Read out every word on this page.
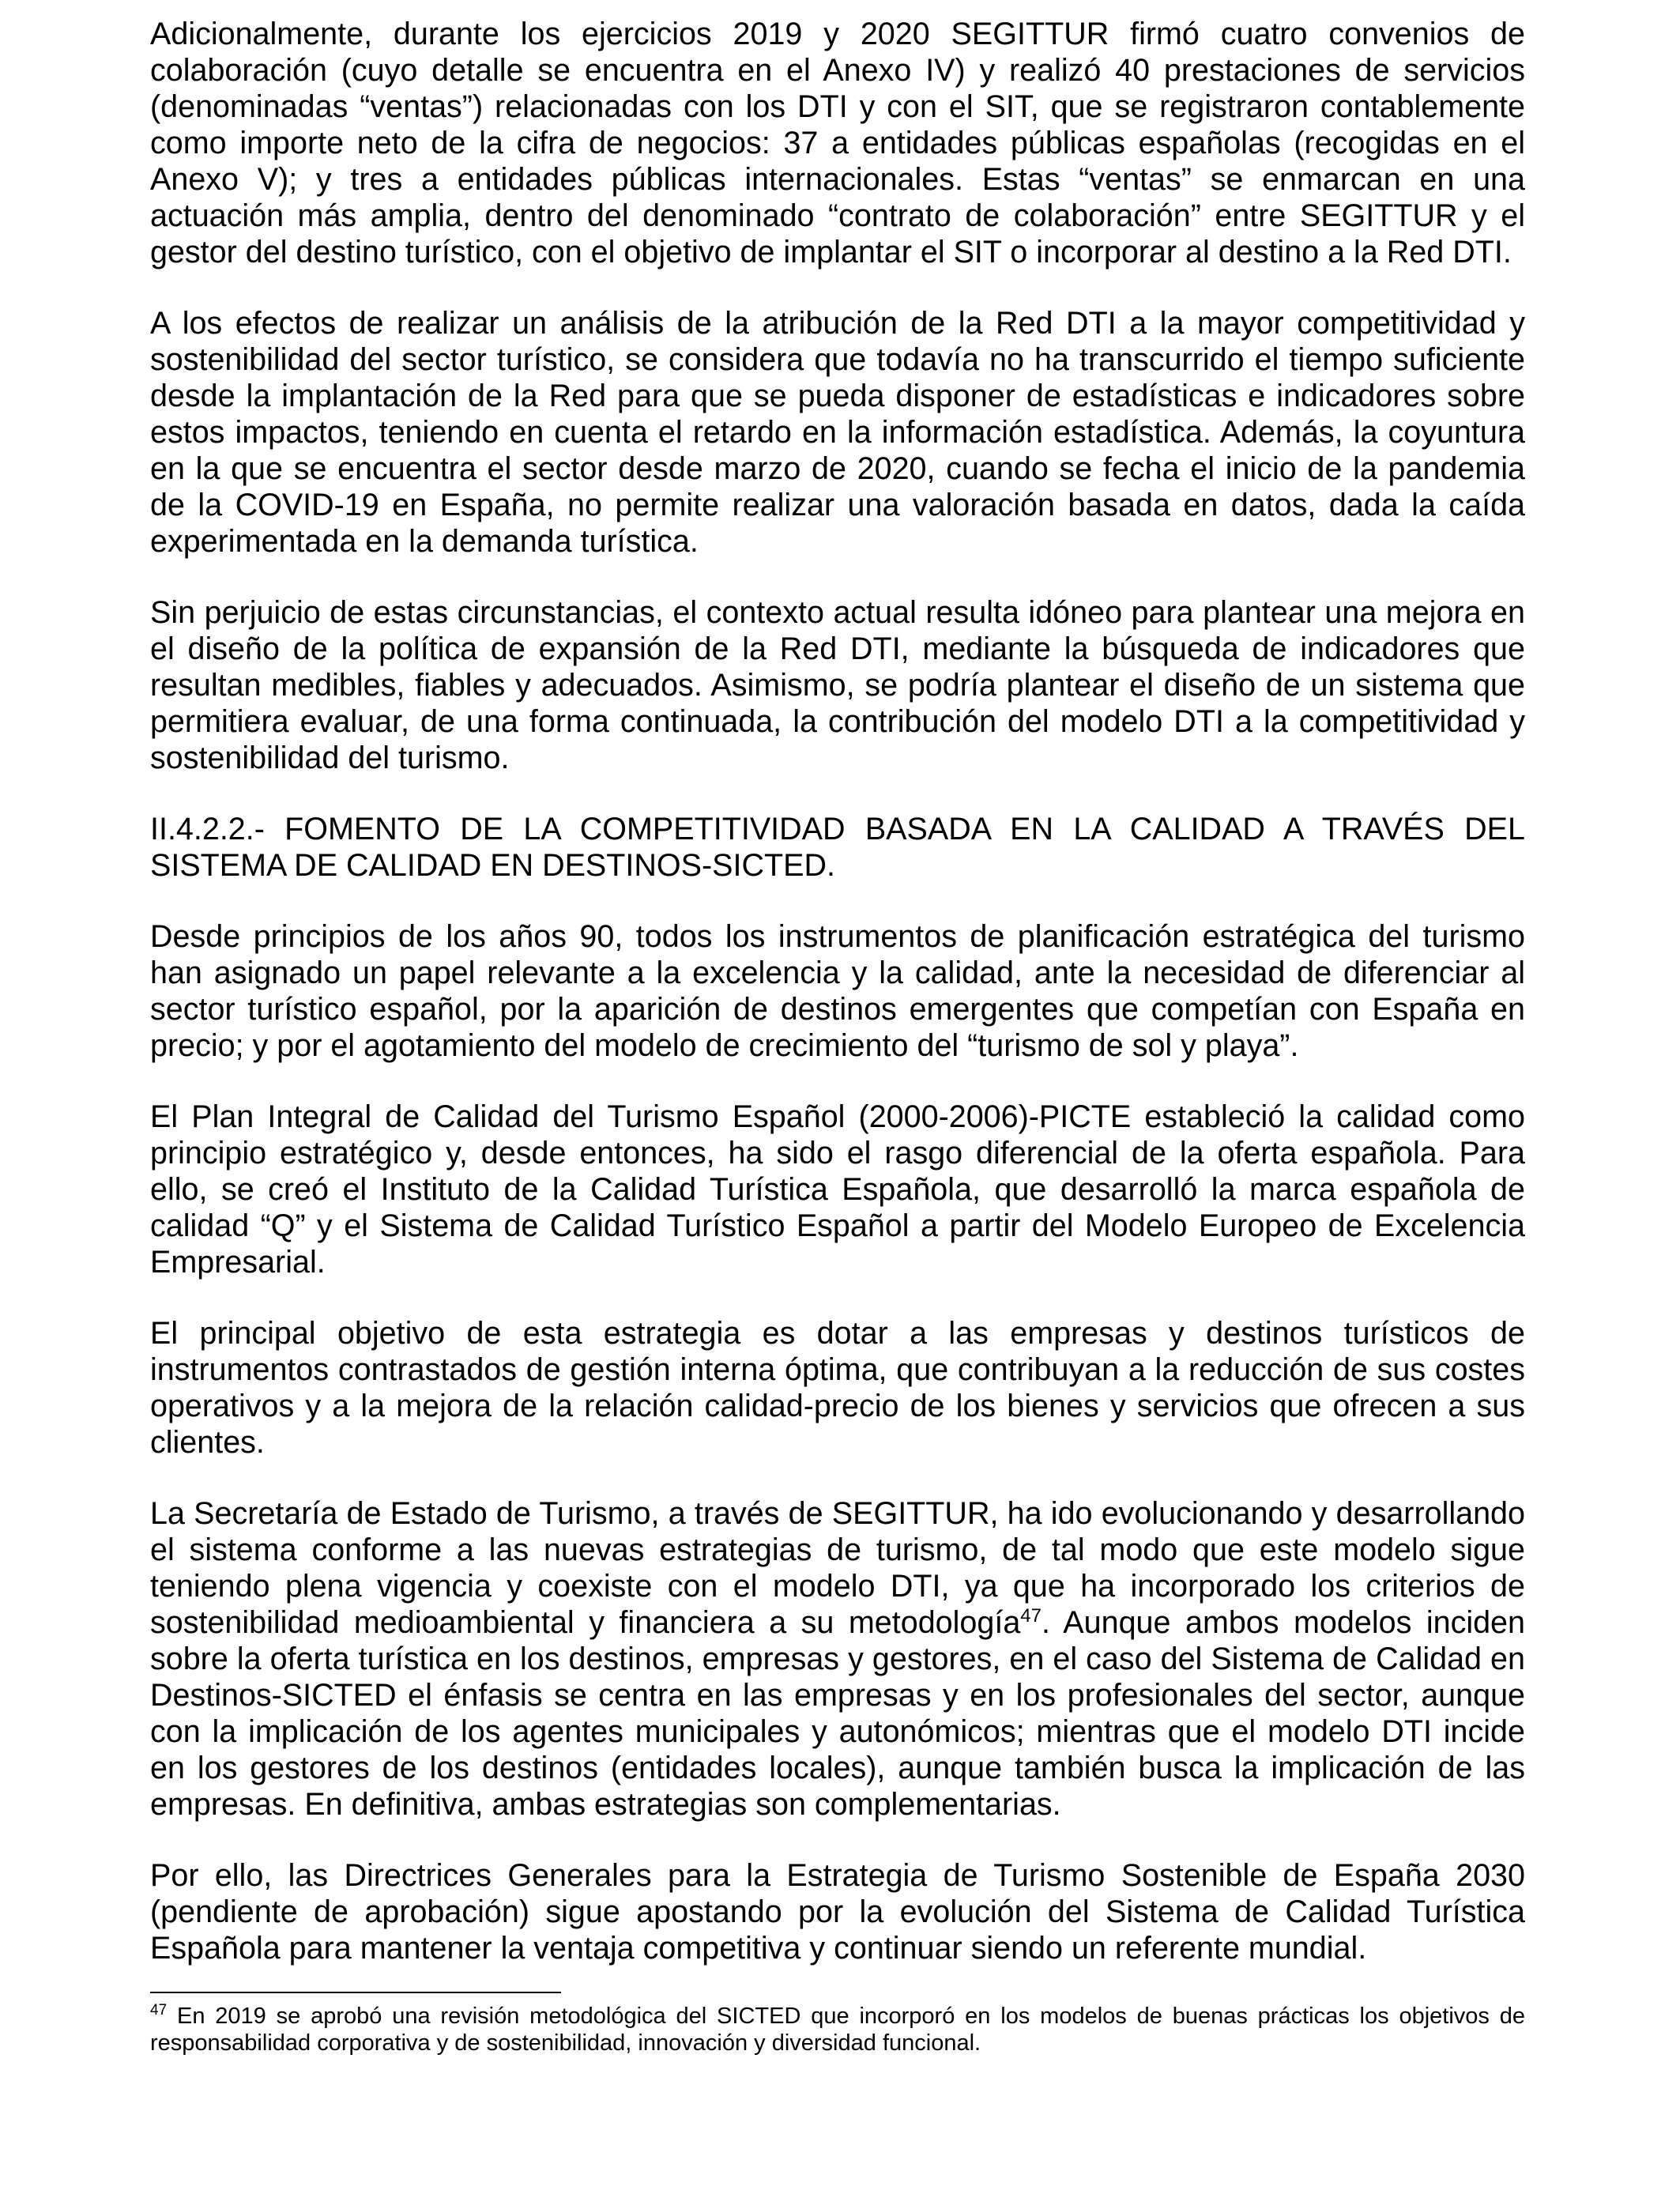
Adicionalmente, durante los ejercicios 2019 y 2020 SEGITTUR firmó cuatro convenios de colaboración (cuyo detalle se encuentra en el Anexo IV) y realizó 40 prestaciones de servicios (denominadas “ventas”) relacionadas con los DTI y con el SIT, que se registraron contablemente como importe neto de la cifra de negocios: 37 a entidades públicas españolas (recogidas en el Anexo V); y tres a entidades públicas internacionales. Estas “ventas” se enmarcan en una actuación más amplia, dentro del denominado “contrato de colaboración” entre SEGITTUR y el gestor del destino turístico, con el objetivo de implantar el SIT o incorporar al destino a la Red DTI.

A los efectos de realizar un análisis de la atribución de la Red DTI a la mayor competitividad y sostenibilidad del sector turístico, se considera que todavía no ha transcurrido el tiempo suficiente desde la implantación de la Red para que se pueda disponer de estadísticas e indicadores sobre estos impactos, teniendo en cuenta el retardo en la información estadística. Además, la coyuntura en la que se encuentra el sector desde marzo de 2020, cuando se fecha el inicio de la pandemia de la COVID-19 en España, no permite realizar una valoración basada en datos, dada la caída experimentada en la demanda turística.

Sin perjuicio de estas circunstancias, el contexto actual resulta idóneo para plantear una mejora en el diseño de la política de expansión de la Red DTI, mediante la búsqueda de indicadores que resultan medibles, fiables y adecuados. Asimismo, se podría plantear el diseño de un sistema que permitiera evaluar, de una forma continuada, la contribución del modelo DTI a la competitividad y sostenibilidad del turismo.

II.4.2.2.- FOMENTO DE LA COMPETITIVIDAD BASADA EN LA CALIDAD A TRAVÉS DEL SISTEMA DE CALIDAD EN DESTINOS-SICTED.

Desde principios de los años 90, todos los instrumentos de planificación estratégica del turismo han asignado un papel relevante a la excelencia y la calidad, ante la necesidad de diferenciar al sector turístico español, por la aparición de destinos emergentes que competían con España en precio; y por el agotamiento del modelo de crecimiento del “turismo de sol y playa”.

El Plan Integral de Calidad del Turismo Español (2000-2006)-PICTE estableció la calidad como principio estratégico y, desde entonces, ha sido el rasgo diferencial de la oferta española. Para ello, se creó el Instituto de la Calidad Turística Española, que desarrolló la marca española de calidad “Q” y el Sistema de Calidad Turístico Español a partir del Modelo Europeo de Excelencia Empresarial.

El principal objetivo de esta estrategia es dotar a las empresas y destinos turísticos de instrumentos contrastados de gestión interna óptima, que contribuyan a la reducción de sus costes operativos y a la mejora de la relación calidad-precio de los bienes y servicios que ofrecen a sus clientes.

La Secretaría de Estado de Turismo, a través de SEGITTUR, ha ido evolucionando y desarrollando el sistema conforme a las nuevas estrategias de turismo, de tal modo que este modelo sigue teniendo plena vigencia y coexiste con el modelo DTI, ya que ha incorporado los criterios de sostenibilidad medioambiental y financiera a su metodología$^{47}$. Aunque ambos modelos inciden sobre la oferta turística en los destinos, empresas y gestores, en el caso del Sistema de Calidad en Destinos-SICTED el énfasis se centra en las empresas y en los profesionales del sector, aunque con la implicación de los agentes municipales y autonómicos; mientras que el modelo DTI incide en los gestores de los destinos (entidades locales), aunque también busca la implicación de las empresas. En definitiva, ambas estrategias son complementarias.

Por ello, las Directrices Generales para la Estrategia de Turismo Sostenible de España 2030 (pendiente de aprobación) sigue apostando por la evolución del Sistema de Calidad Turística Española para mantener la ventaja competitiva y continuar siendo un referente mundial.

$^{47}$ En 2019 se aprobó una revisión metodológica del SICTED que incorporó en los modelos de buenas prácticas los objetivos de responsabilidad corporativa y de sostenibilidad, innovación y diversidad funcional.
